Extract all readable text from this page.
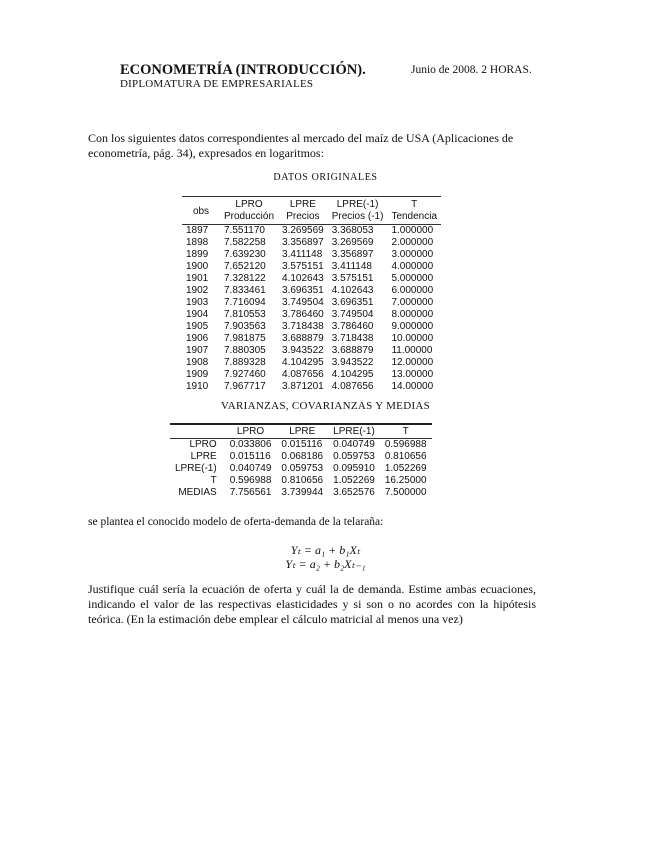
ECONOMETRÍA (INTRODUCCIÓN).
DIPLOMATURA DE EMPRESARIALES
Junio de 2008. 2 HORAS.
Con los siguientes datos correspondientes al mercado del maíz de USA (Aplicaciones de econometría, pág. 34), expresados en logaritmos:
DATOS ORIGINALES
obs	LPRO	LPRE	LPRE(-1)	T
	Producción	Precios	Precios (-1)	Tendencia
1897	7.551170	3.269569	3.368053	1.000000
1898	7.582258	3.356897	3.269569	2.000000
1899	7.639230	3.411148	3.356897	3.000000
1900	7.652120	3.575151	3.411148	4.000000
1901	7.328122	4.102643	3.575151	5.000000
1902	7.833461	3.696351	4.102643	6.000000
1903	7.716094	3.749504	3.696351	7.000000
1904	7.810553	3.786460	3.749504	8.000000
1905	7.903563	3.718438	3.786460	9.000000
1906	7.981875	3.688879	3.718438	10.00000
1907	7.880305	3.943522	3.688879	11.00000
1908	7.889328	4.104295	3.943522	12.00000
1909	7.927460	4.087656	4.104295	13.00000
1910	7.967717	3.871201	4.087656	14.00000
VARIANZAS, COVARIANZAS Y MEDIAS
	LPRO	LPRE	LPRE(-1)	T
LPRO	0.033806	0.015116	0.040749	0.596988
LPRE	0.015116	0.068186	0.059753	0.810656
LPRE(-1)	0.040749	0.059753	0.095910	1.052269
T	0.596988	0.810656	1.052269	16.25000
MEDIAS	7.756561	3.739944	3.652576	7.500000
se plantea el conocido modelo de oferta-demanda de la telaraña:
Yₜ = a₁ + b₁Xₜ
Yₜ = a₂ + b₂Xₜ₋₁
Justifique cuál sería la ecuación de oferta y cuál la de demanda. Estime ambas ecuaciones, indicando el valor de las respectivas elasticidades y si son o no acordes con la hipótesis teórica. (En la estimación debe emplear el cálculo matricial al menos una vez)
